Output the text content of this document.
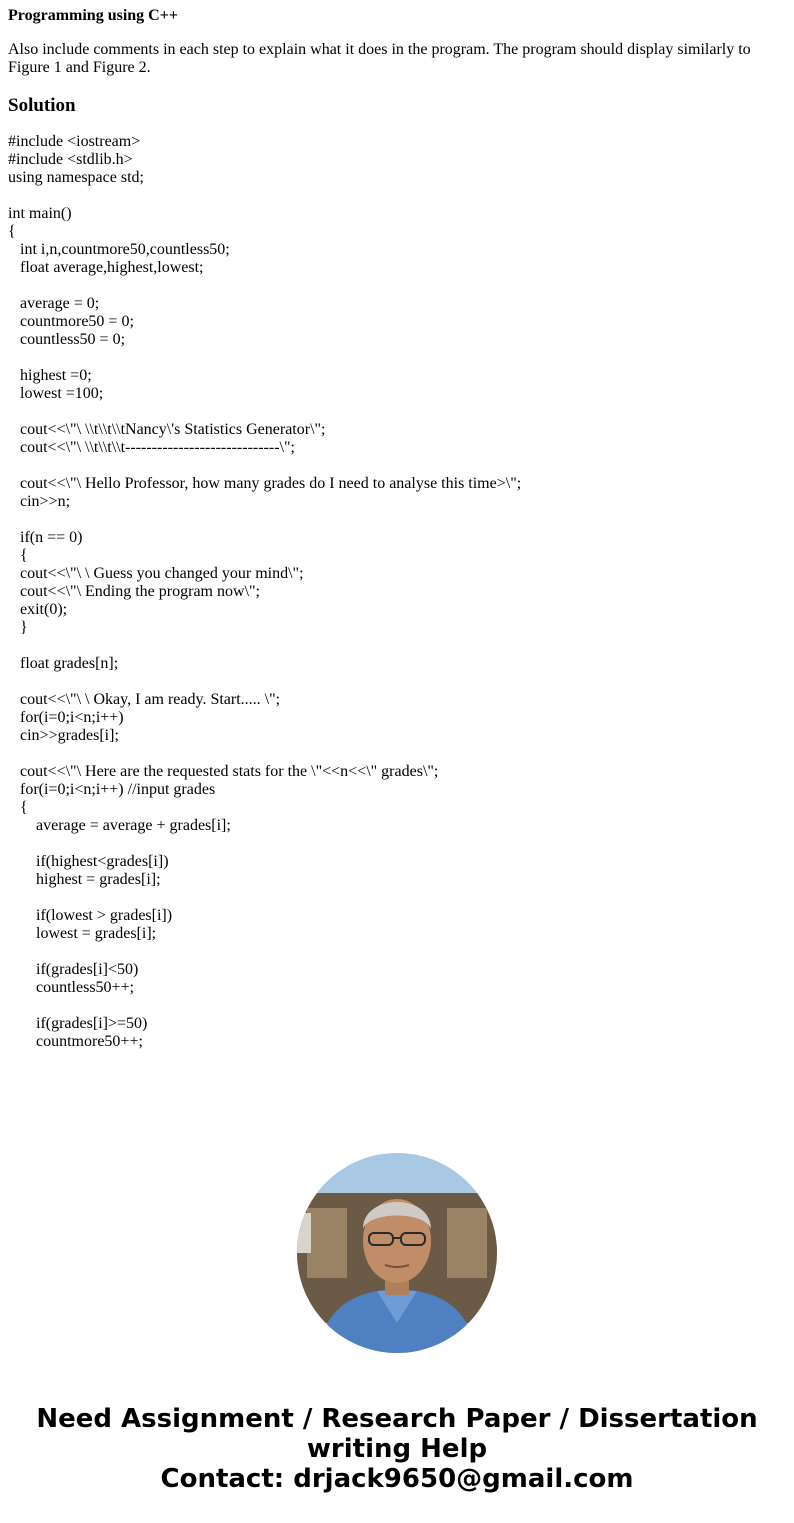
Programming using C++
Also include comments in each step to explain what it does in the program. The program should display similarly to Figure 1 and Figure 2.
Solution
#include <iostream>
#include <stdlib.h>
using namespace std;
int main()
{
int i,n,countmore50,countless50;
float average,highest,lowest;
average = 0;
countmore50 = 0;
countless50 = 0;
highest =0;
lowest =100;
cout<<\"\ \\t\\t\\tNancy\'s Statistics Generator\";
cout<<\"\ \\t\\t\\t-----------------------------\";
cout<<\"\ Hello Professor, how many grades do I need to analyse this time>\";
cin>>n;
if(n == 0)
{
cout<<\"\ \ Guess you changed your mind\";
cout<<\"\ Ending the program now\";
exit(0);
}
float grades[n];
cout<<\"\ \ Okay, I am ready. Start..... \";
for(i=0;i<n;i++)
cin>>grades[i];
cout<<\"\ Here are the requested stats for the \"<<n<<\" grades\";
for(i=0;i<n;i++) //input grades
{
average = average + grades[i];
if(highest<grades[i])
highest = grades[i];
if(lowest > grades[i])
lowest = grades[i];
if(grades[i]<50)
countless50++;
if(grades[i]>=50)
countmore50++;
Need Assignment / Research Paper / Dissertation
writing Help
Contact: drjack9650@gmail.com
